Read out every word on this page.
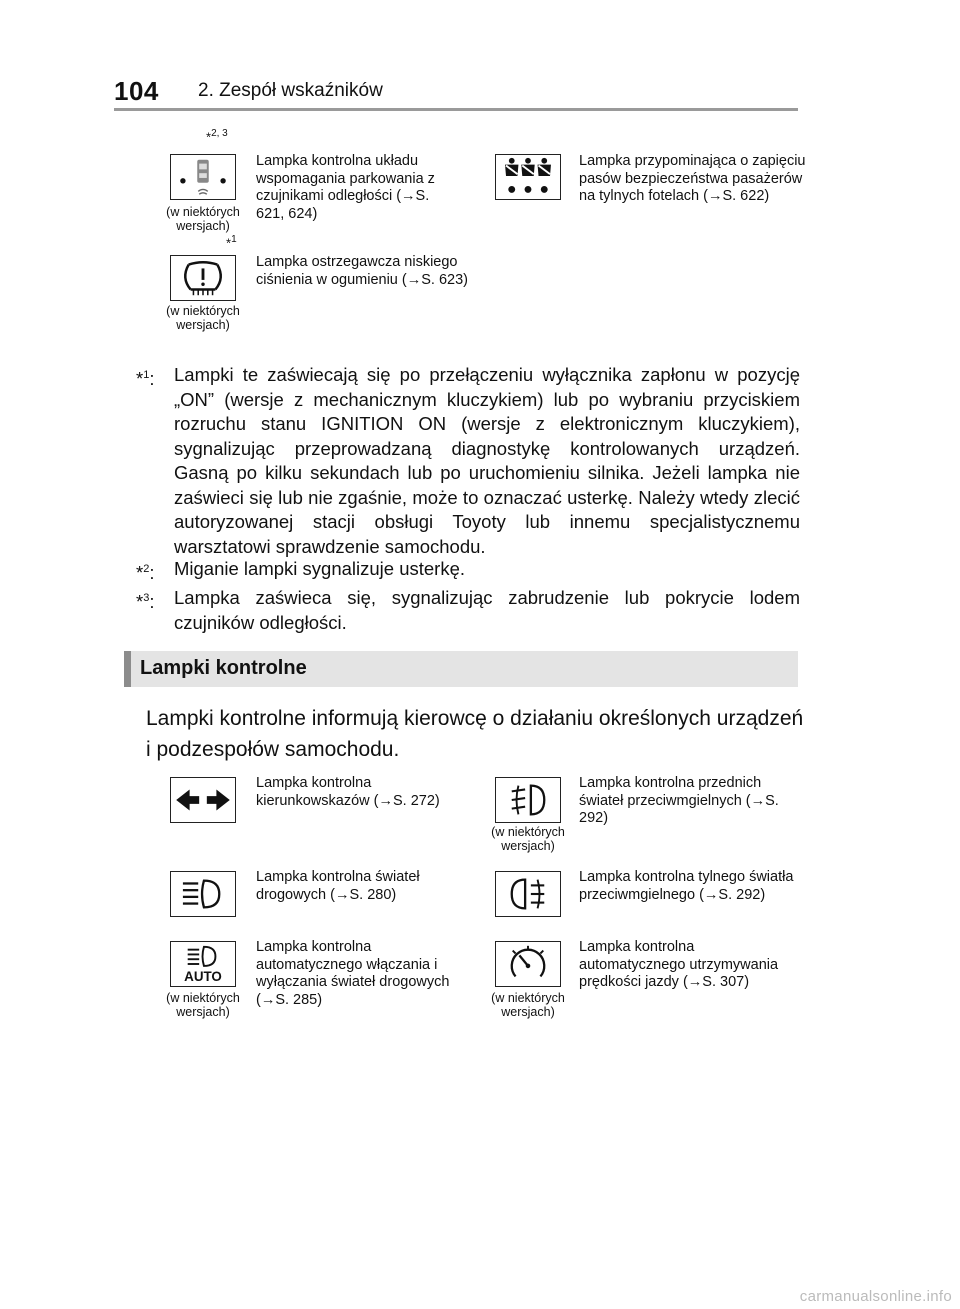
104 2. Zespół wskaźników
*$^{2, 3}$
(w niektórych wersjach)
Lampka kontrolna układu wspomagania parkowania z czujnikami odległości (→S. 621, 624)
Lampka przypominająca o zapięciu pasów bezpieczeństwa pasażerów na tylnych fotelach (→S. 622)
*$^1$
(w niektórych wersjach)
Lampka ostrzegawcza niskiego ciśnienia w ogumieniu (→S. 623)
*$^1$: Lampki te zaświecają się po przełączeniu wyłącznika zapłonu w pozycję „ON” (wersje z mechanicznym kluczykiem) lub po wybraniu przyciskiem rozruchu stanu IGNITION ON (wersje z elektronicznym kluczykiem), sygnalizując przeprowadzaną diagnostykę kontrolowanych urządzeń. Gasną po kilku sekundach lub po uruchomieniu silnika. Jeżeli lampka nie zaświeci się lub nie zgaśnie, może to oznaczać usterkę. Należy wtedy zlecić autoryzowanej stacji obsługi Toyoty lub innemu specjalistycznemu warsztatowi sprawdzenie samochodu.
*$^2$: Miganie lampki sygnalizuje usterkę.
*$^3$: Lampka zaświeca się, sygnalizując zabrudzenie lub pokrycie lodem czujników odległości.
Lampki kontrolne
Lampki kontrolne informują kierowcę o działaniu określonych urządzeń i podzespołów samochodu.
Lampka kontrolna kierunkowskazów (→S. 272)
(w niektórych wersjach)
Lampka kontrolna przednich świateł przeciwmgielnych (→S. 292)
Lampka kontrolna świateł drogowych (→S. 280)
Lampka kontrolna tylnego światła przeciwmgielnego (→S. 292)
AUTO
(w niektórych wersjach)
Lampka kontrolna automatycznego włączania i wyłączania świateł drogowych (→S. 285)	(w niektórych wersjach)
Lampka kontrolna automatycznego utrzymywania prędkości jazdy (→S. 307)
carmanualsonline.info
